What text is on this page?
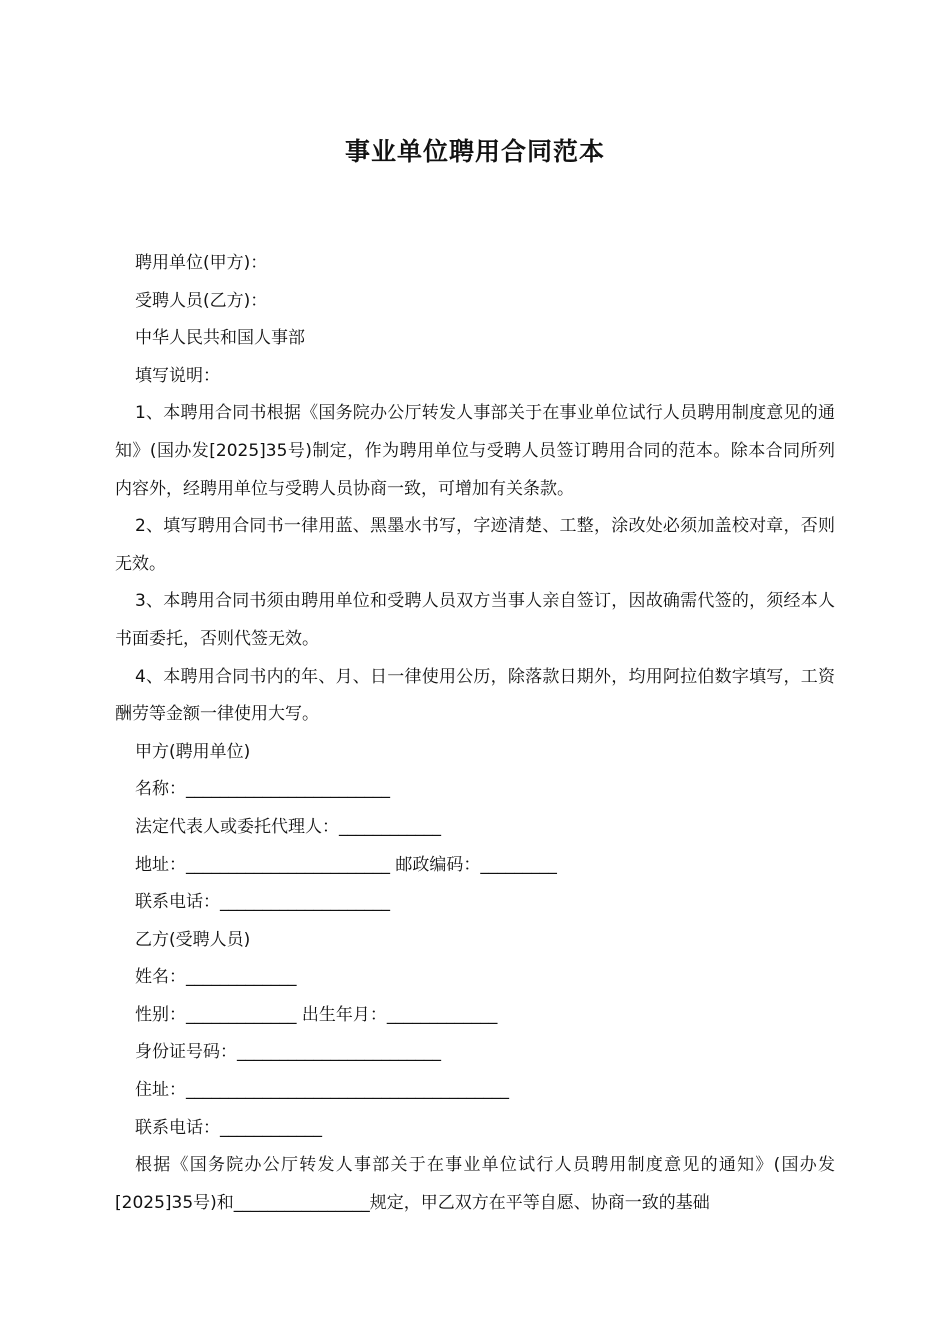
事业单位聘用合同范本
聘用单位(甲方)：
受聘人员(乙方)：
中华人民共和国人事部
填写说明：

1、本聘用合同书根据《国务院办公厅转发人事部关于在事业单位试行人员聘用制度意见的通知》(国办发[2025]35号)制定，作为聘用单位与受聘人员签订聘用合同的范本。除本合同所列内容外，经聘用单位与受聘人员协商一致，可增加有关条款。

2、填写聘用合同书一律用蓝、黑墨水书写，字迹清楚、工整，涂改处必须加盖校对章，否则无效。

3、本聘用合同书须由聘用单位和受聘人员双方当事人亲自签订，因故确需代签的，须经本人书面委托，否则代签无效。

4、本聘用合同书内的年、月、日一律使用公历，除落款日期外，均用阿拉伯数字填写，工资酬劳等金额一律使用大写。

甲方(聘用单位)
名称：________________________
法定代表人或委托代理人：____________
地址：________________________ 邮政编码：_________
联系电话：____________________
乙方(受聘人员)
姓名：_____________
性别：_____________ 出生年月：_____________
身份证号码：________________________
住址：______________________________________
联系电话：____________

根据《国务院办公厅转发人事部关于在事业单位试行人员聘用制度意见的通知》(国办发[2025]35号)和________________规定，甲乙双方在平等自愿、协商一致的基础
